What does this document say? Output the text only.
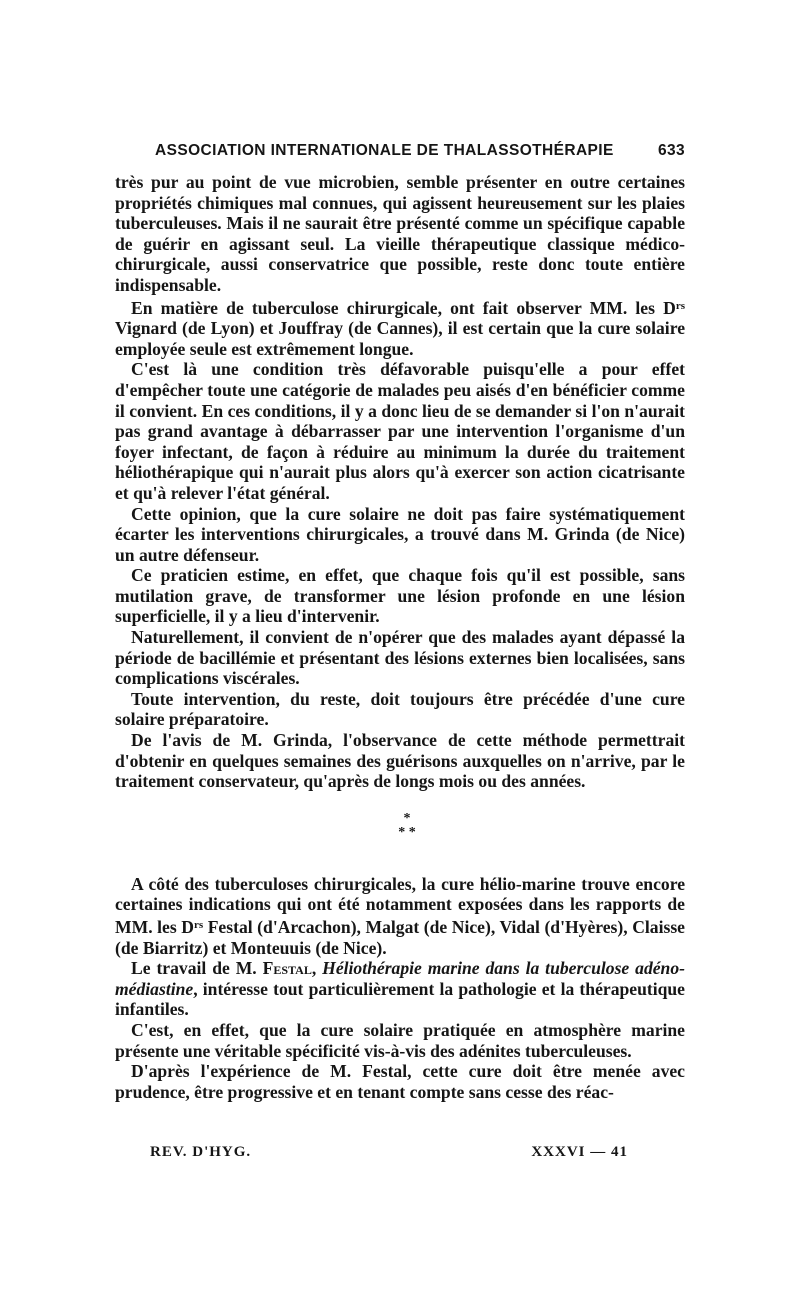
ASSOCIATION INTERNATIONALE DE THALASSOTHÉRAPIE	633

très pur au point de vue microbien, semble présenter en outre certaines propriétés chimiques mal connues, qui agissent heureusement sur les plaies tuberculeuses. Mais il ne saurait être présenté comme un spécifique capable de guérir en agissant seul. La vieille thérapeutique classique médico-chirurgicale, aussi conservatrice que possible, reste donc toute entière indispensable.

En matière de tuberculose chirurgicale, ont fait observer MM. les $D^{rs}$ Vignard (de Lyon) et Jouffray (de Cannes), il est certain que la cure solaire employée seule est extrêmement longue.

C'est là une condition très défavorable puisqu'elle a pour effet d'empêcher toute une catégorie de malades peu aisés d'en bénéficier comme il convient. En ces conditions, il y a donc lieu de se demander si l'on n'aurait pas grand avantage à débarrasser par une intervention l'organisme d'un foyer infectant, de façon à réduire au minimum la durée du traitement héliothérapique qui n'aurait plus alors qu'à exercer son action cicatrisante et qu'à relever l'état général.

Cette opinion, que la cure solaire ne doit pas faire systématiquement écarter les interventions chirurgicales, a trouvé dans M. Grinda (de Nice) un autre défenseur.

Ce praticien estime, en effet, que chaque fois qu'il est possible, sans mutilation grave, de transformer une lésion profonde en une lésion superficielle, il y a lieu d'intervenir.

Naturellement, il convient de n'opérer que des malades ayant dépassé la période de bacillémie et présentant des lésions externes bien localisées, sans complications viscérales.

Toute intervention, du reste, doit toujours être précédée d'une cure solaire préparatoire.

De l'avis de M. Grinda, l'observance de cette méthode permettrait d'obtenir en quelques semaines des guérisons auxquelles on n'arrive, par le traitement conservateur, qu'après de longs mois ou des années.

*
* *

A côté des tuberculoses chirurgicales, la cure hélio-marine trouve encore certaines indications qui ont été notamment exposées dans les rapports de MM. les $D^{rs}$ Festal (d'Arcachon), Malgat (de Nice), Vidal (d'Hyères), Claisse (de Biarritz) et Monteuuis (de Nice).

Le travail de M. Festal, Héliothérapie marine dans la tuberculose adéno-médiastine, intéresse tout particulièrement la pathologie et la thérapeutique infantiles.

C'est, en effet, que la cure solaire pratiquée en atmosphère marine présente une véritable spécificité vis-à-vis des adénites tuberculeuses.

D'après l'expérience de M. Festal, cette cure doit être menée avec prudence, être progressive et en tenant compte sans cesse des réac-

REV. D'HYG.	XXXVI — 41
